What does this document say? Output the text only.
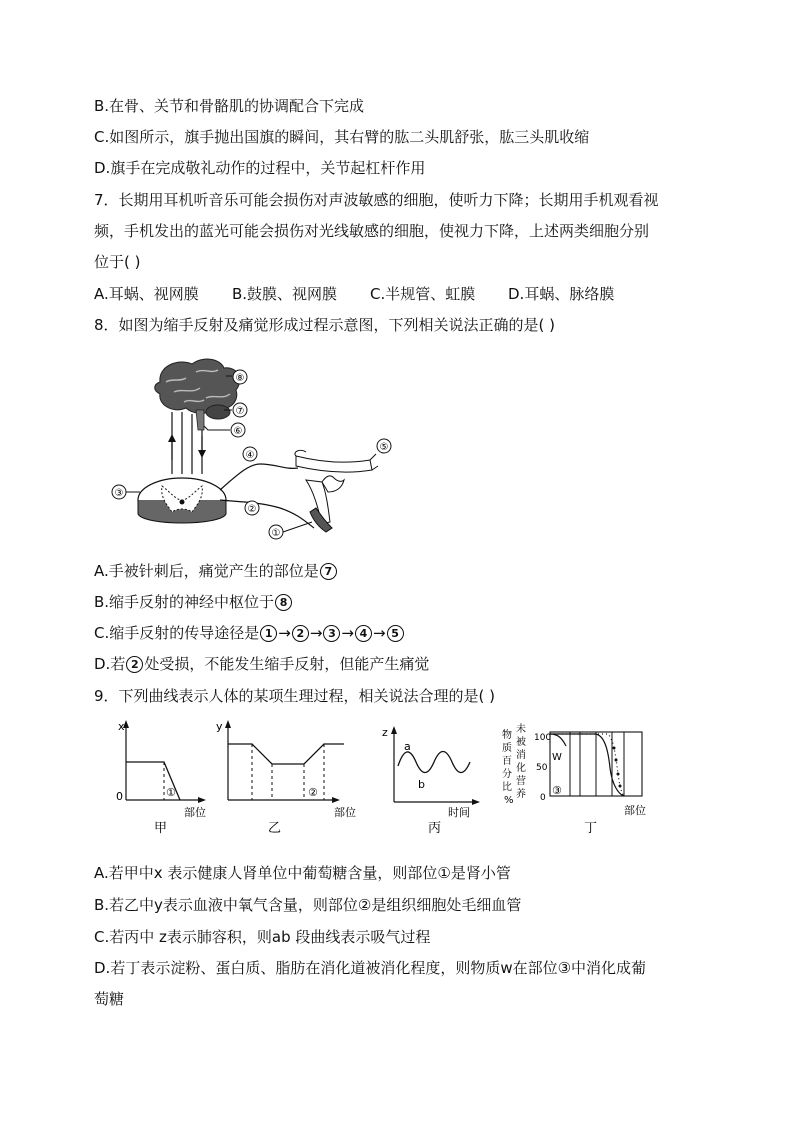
B.在骨、关节和骨骼肌的协调配合下完成
C.如图所示，旗手抛出国旗的瞬间，其右臂的肱二头肌舒张，肱三头肌收缩
D.旗手在完成敬礼动作的过程中，关节起杠杆作用
7．长期用耳机听音乐可能会损伤对声波敏感的细胞，使听力下降；长期用手机观看视
频，手机发出的蓝光可能会损伤对光线敏感的细胞，使视力下降，上述两类细胞分别
位于( )
A.耳蜗、视网膜 B.鼓膜、视网膜 C.半规管、虹膜 D.耳蜗、脉络膜
8．如图为缩手反射及痛觉形成过程示意图，下列相关说法正确的是( )
⑧
⑦
⑥
③
④
⑤
②
①
A.手被针刺后，痛觉产生的部位是 7
B.缩手反射的神经中枢位于 8
C.缩手反射的传导途径是 1 → 2 → 3 → 4 → 5
D.若 2 处受损，不能发生缩手反射，但能产生痛觉
9．下列曲线表示人体的某项生理过程，相关说法合理的是( )
x
0	①
部位
甲
y
②
部位
乙
z
a
b
时间
丙
物
质
百
分
比
%
未
被
消
化
营
养
100
50
0
W
③
部位
丁
A.若甲中x 表示健康人肾单位中葡萄糖含量，则部位①是肾小管
B.若乙中y表示血液中氧气含量，则部位②是组织细胞处毛细血管
C.若丙中 z表示肺容积，则ab 段曲线表示吸气过程
D.若丁表示淀粉、蛋白质、脂肪在消化道被消化程度，则物质w在部位③中消化成葡
萄糖
